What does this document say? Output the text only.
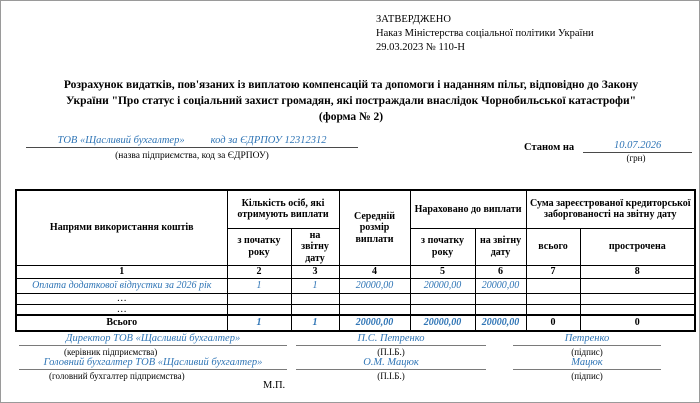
ЗАТВЕРДЖЕНО
Наказ Міністерства соціальної політики України
29.03.2023 № 110-Н
Розрахунок видатків, пов'язаних із виплатою компенсацій та допомоги і наданням пільг, відповідно до Закону
України "Про статус і соціальний захист громадян, які постраждали внаслідок Чорнобильської катастрофи"
(форма № 2)
ТОВ «Щасливий бухгалтер» код за ЄДРПОУ 12312312
(назва підприємства, код за ЄДРПОУ)
Станом на	10.07.2026
(грн)
Напрями використання коштів	Кількість осіб, які отримують виплати		Середній розмір виплати	Нараховано до виплати		Сума зареєстрованої кредиторської заборгованості на звітну дату	
	з початку року	на звітну дату		з початку року	на звітну дату	всього	прострочена
1	2	3	4	5	6	7	8
Оплата додаткової відпустки за 2026 рік	1	1	20000,00	20000,00	20000,00		
…							
…							
Всього	1	1	20000,00	20000,00	20000,00	0	0
Директор ТОВ «Щасливий бухгалтер»
(керівник підприємства)
П.С. Петренко
(П.І.Б.)
Петренко
(підпис)
Головний бухгалтер ТОВ «Щасливий бухгалтер»
(головний бухгалтер підприємства)
О.М. Мацюк
(П.І.Б.)
Мацюк
(підпис)
М.П.
